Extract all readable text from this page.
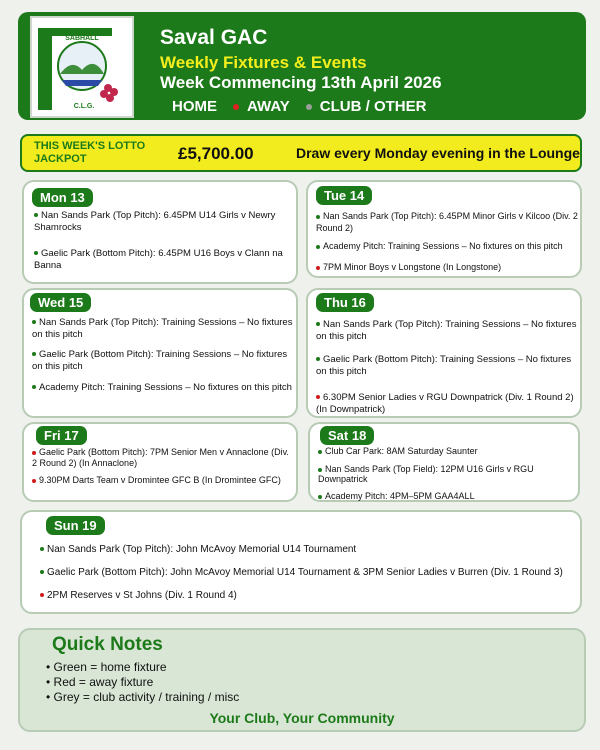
SABHALL
C.L.G.
Saval GAC
Weekly Fixtures & Events
Week Commencing 13th April 2026
HOME AWAY CLUB / OTHER
THIS WEEK'S LOTTO JACKPOT	£5,700.00	Draw every Monday evening in the Lounge
Mon 13
Nan Sands Park (Top Pitch): 6.45PM U14 Girls v Newry Shamrocks
Gaelic Park (Bottom Pitch): 6.45PM U16 Boys v Clann na Banna
Tue 14
Nan Sands Park (Top Pitch): 6.45PM Minor Girls v Kilcoo (Div. 2 Round 2)
Academy Pitch: Training Sessions – No fixtures on this pitch
7PM Minor Boys v Longstone (In Longstone)
Wed 15
Nan Sands Park (Top Pitch): Training Sessions – No fixtures on this pitch
Gaelic Park (Bottom Pitch): Training Sessions – No fixtures on this pitch
Academy Pitch: Training Sessions – No fixtures on this pitch
Thu 16
Nan Sands Park (Top Pitch): Training Sessions – No fixtures on this pitch
Gaelic Park (Bottom Pitch): Training Sessions – No fixtures on this pitch
6.30PM Senior Ladies v RGU Downpatrick (Div. 1 Round 2) (In Downpatrick)
Fri 17
Gaelic Park (Bottom Pitch): 7PM Senior Men v Annaclone (Div. 2 Round 2) (In Annaclone)
9.30PM Darts Team v Dromintee GFC B (In Dromintee GFC)
Sat 18
Club Car Park: 8AM Saturday Saunter
Nan Sands Park (Top Field): 12PM U16 Girls v RGU Downpatrick
Academy Pitch: 4PM–5PM GAA4ALL
Sun 19
Nan Sands Park (Top Pitch): John McAvoy Memorial U14 Tournament
Gaelic Park (Bottom Pitch): John McAvoy Memorial U14 Tournament & 3PM Senior Ladies v Burren (Div. 1 Round 3)
2PM Reserves v St Johns (Div. 1 Round 4)
Quick Notes
• Green = home fixture
• Red = away fixture
• Grey = club activity / training / misc
Your Club, Your Community
